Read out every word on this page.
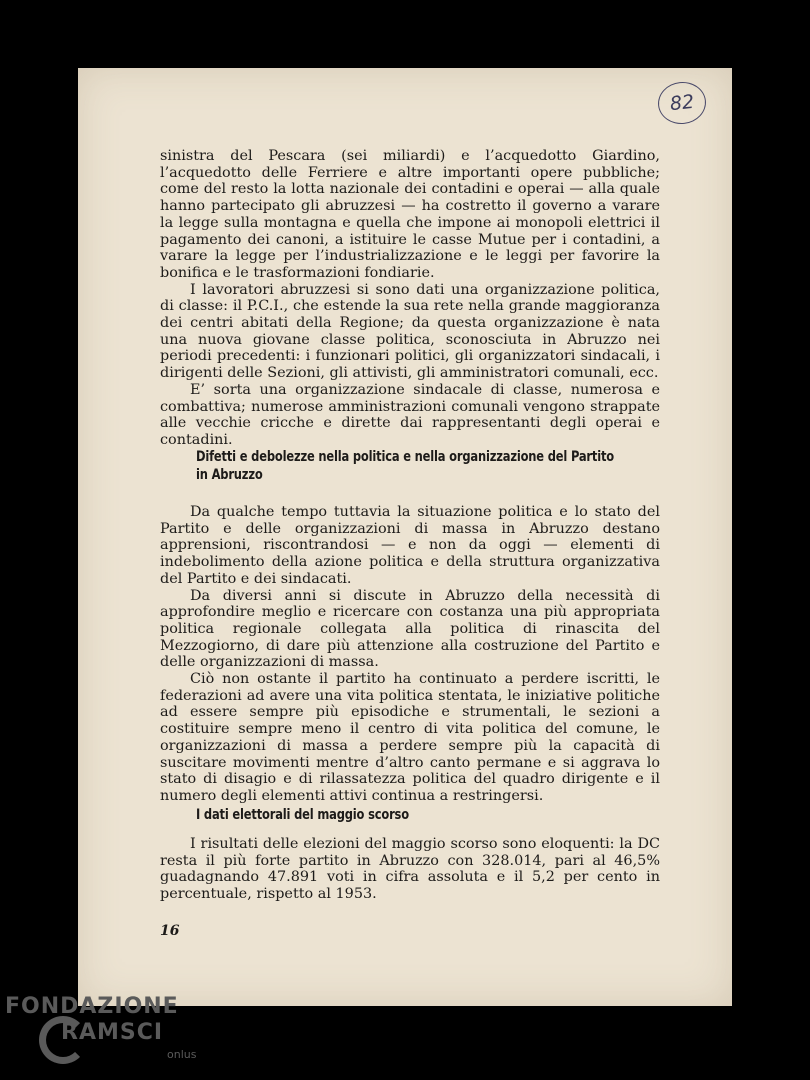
82

sinistra del Pescara (sei miliardi) e l’acquedotto Giardino, l’acquedotto delle Ferriere e altre importanti opere pubbliche; come del resto la lotta nazionale dei contadini e operai — alla quale hanno partecipato gli abruzzesi — ha costretto il governo a varare la legge sulla montagna e quella che impone ai monopoli elettrici il pagamento dei canoni, a istituire le casse Mutue per i contadini, a varare la legge per l’industrializzazione e le leggi per favorire la bonifica e le trasformazioni fondiarie.

I lavoratori abruzzesi si sono dati una organizzazione politica, di classe: il P.C.I., che estende la sua rete nella grande maggioranza dei centri abitati della Regione; da questa organizzazione è nata una nuova giovane classe politica, sconosciuta in Abruzzo nei periodi precedenti: i funzionari politici, gli organizzatori sindacali, i dirigenti delle Sezioni, gli attivisti, gli amministratori comunali, ecc.

E’ sorta una organizzazione sindacale di classe, numerosa e combattiva; numerose amministrazioni comunali vengono strappate alle vecchie cricche e dirette dai rappresentanti degli operai e contadini.

Difetti e debolezze nella politica e nella organizzazione del Partito in Abruzzo

Da qualche tempo tuttavia la situazione politica e lo stato del Partito e delle organizzazioni di massa in Abruzzo destano apprensioni, riscontrandosi — e non da oggi — elementi di indebolimento della azione politica e della struttura organizzativa del Partito e dei sindacati.

Da diversi anni si discute in Abruzzo della necessità di approfondire meglio e ricercare con costanza una più appropriata politica regionale collegata alla politica di rinascita del Mezzogiorno, di dare più attenzione alla costruzione del Partito e delle organizzazioni di massa.

Ciò non ostante il partito ha continuato a perdere iscritti, le federazioni ad avere una vita politica stentata, le iniziative politiche ad essere sempre più episodiche e strumentali, le sezioni a costituire sempre meno il centro di vita politica del comune, le organizzazioni di massa a perdere sempre più la capacità di suscitare movimenti mentre d’altro canto permane e si aggrava lo stato di disagio e di rilassatezza politica del quadro dirigente e il numero degli elementi attivi continua a restringersi.

I dati elettorali del maggio scorso

I risultati delle elezioni del maggio scorso sono eloquenti: la DC resta il più forte partito in Abruzzo con 328.014, pari al 46,5% guadagnando 47.891 voti in cifra assoluta e il 5,2 per cento in percentuale, rispetto al 1953.

16
FONDAZIONE
RAMSCI
onlus
